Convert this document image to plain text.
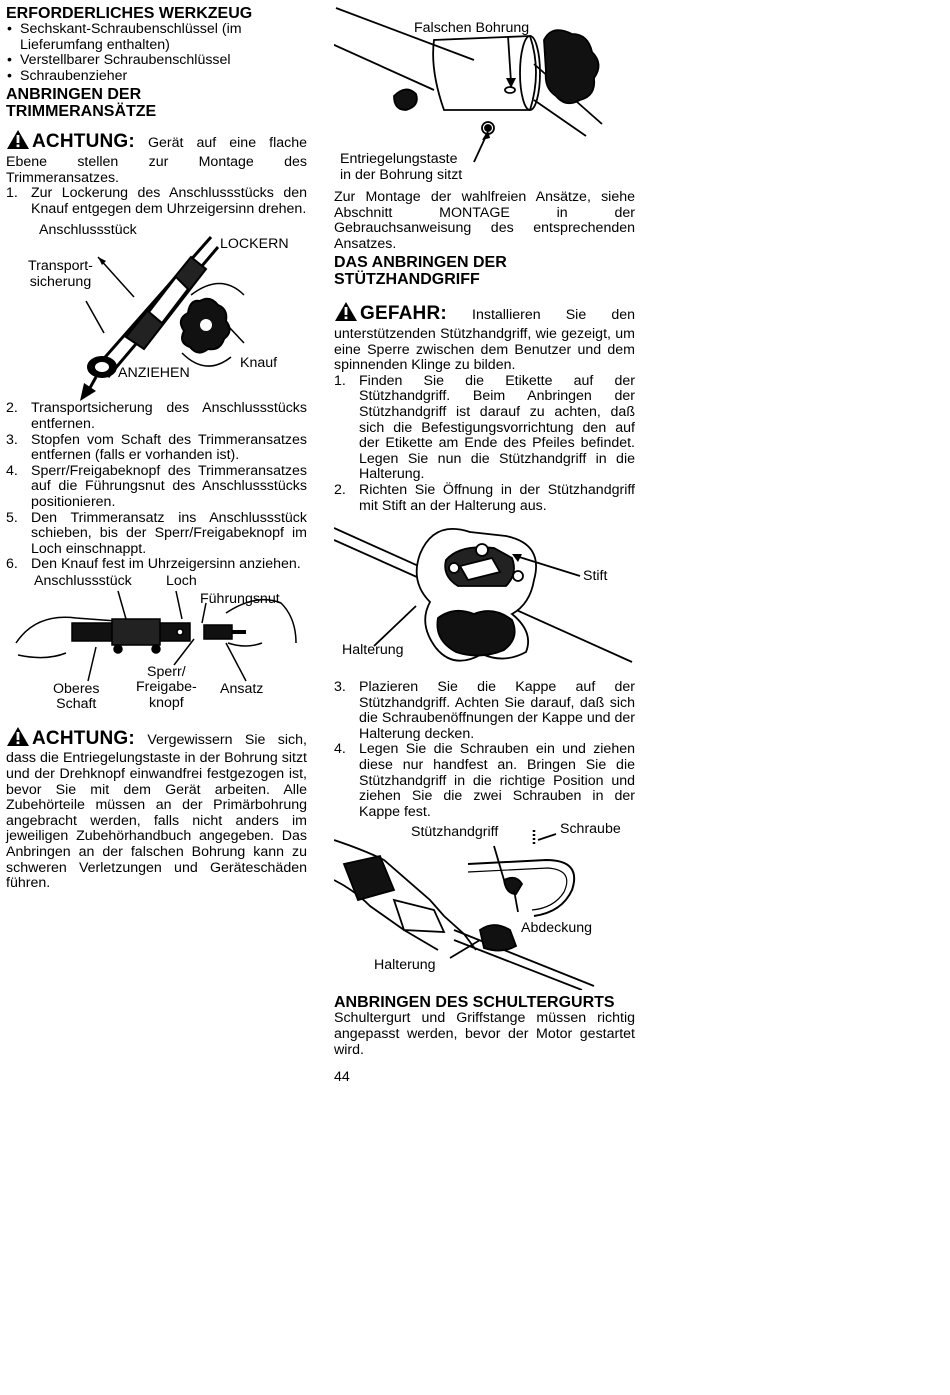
ERFORDERLICHES WERKZEUG
• Sechskant-Schraubenschlüssel (im Lieferumfang enthalten)
• Verstellbarer Schraubenschlüssel
• Schraubenzieher
ANBRINGEN DER TRIMMERANSÄTZE

ACHTUNG: Gerät auf eine flache Ebene stellen zur Montage des Trimmeransatzes.

1. Zur Lockerung des Anschlussstücks den Knauf entgegen dem Uhrzeigersinn drehen.
Anschlussstück
LOCKERN
Transport-
sicherung
Knauf
ANZIEHEN
2. Transportsicherung des Anschlussstücks entfernen.
3. Stopfen vom Schaft des Trimmeransatzes entfernen (falls er vorhanden ist).
4. Sperr/Freigabeknopf des Trimmeransatzes auf die Führungsnut des Anschlussstücks positionieren.
5. Den Trimmeransatz ins Anschlussstück schieben, bis der Sperr/Freigabeknopf im Loch einschnappt.
6. Den Knauf fest im Uhrzeigersinn anziehen.
Anschlussstück Loch
Führungsnut
Oberes
Schaft
Sperr/
Freigabe-
knopf
Ansatz

ACHTUNG: Vergewissern Sie sich, dass die Entriegelungstaste in der Bohrung sitzt und der Drehknopf einwandfrei festgezogen ist, bevor Sie mit dem Gerät arbeiten. Alle Zubehörteile müssen an der Primärbohrung angebracht werden, falls nicht anders im jeweiligen Zubehörhandbuch angegeben. Das Anbringen an der falschen Bohrung kann zu schweren Verletzungen und Geräteschäden führen.

Falschen Bohrung
Entriegelungstaste
in der Bohrung sitzt

Zur Montage der wahlfreien Ansätze, siehe Abschnitt MONTAGE in der Gebrauchsanweisung des entsprechenden Ansatzes.

DAS ANBRINGEN DER STÜTZHANDGRIFF

GEFAHR: Installieren Sie den unterstützenden Stützhandgriff, wie gezeigt, um eine Sperre zwischen dem Benutzer und dem spinnenden Klinge zu bilden.

1. Finden Sie die Etikette auf der Stützhandgriff. Beim Anbringen der Stützhandgriff ist darauf zu achten, daß sich die Befestigungsvorrichtung den auf der Etikette am Ende des Pfeiles befindet. Legen Sie nun die Stützhandgriff in die Halterung.
2. Richten Sie Öffnung in der Stützhandgriff mit Stift an der Halterung aus.
Stift
Halterung
3. Plazieren Sie die Kappe auf der Stützhandgriff. Achten Sie darauf, daß sich die Schraubenöffnungen der Kappe und der Halterung decken.
4. Legen Sie die Schrauben ein und ziehen diese nur handfest an. Bringen Sie die Stützhandgriff in die richtige Position und ziehen Sie die zwei Schrauben in der Kappe fest.
Stützhandgriff	Schraube
Abdeckung
Halterung
ANBRINGEN DES SCHULTERGURTS

Schultergurt und Griffstange müssen richtig angepasst werden, bevor der Motor gestartet wird.

44
